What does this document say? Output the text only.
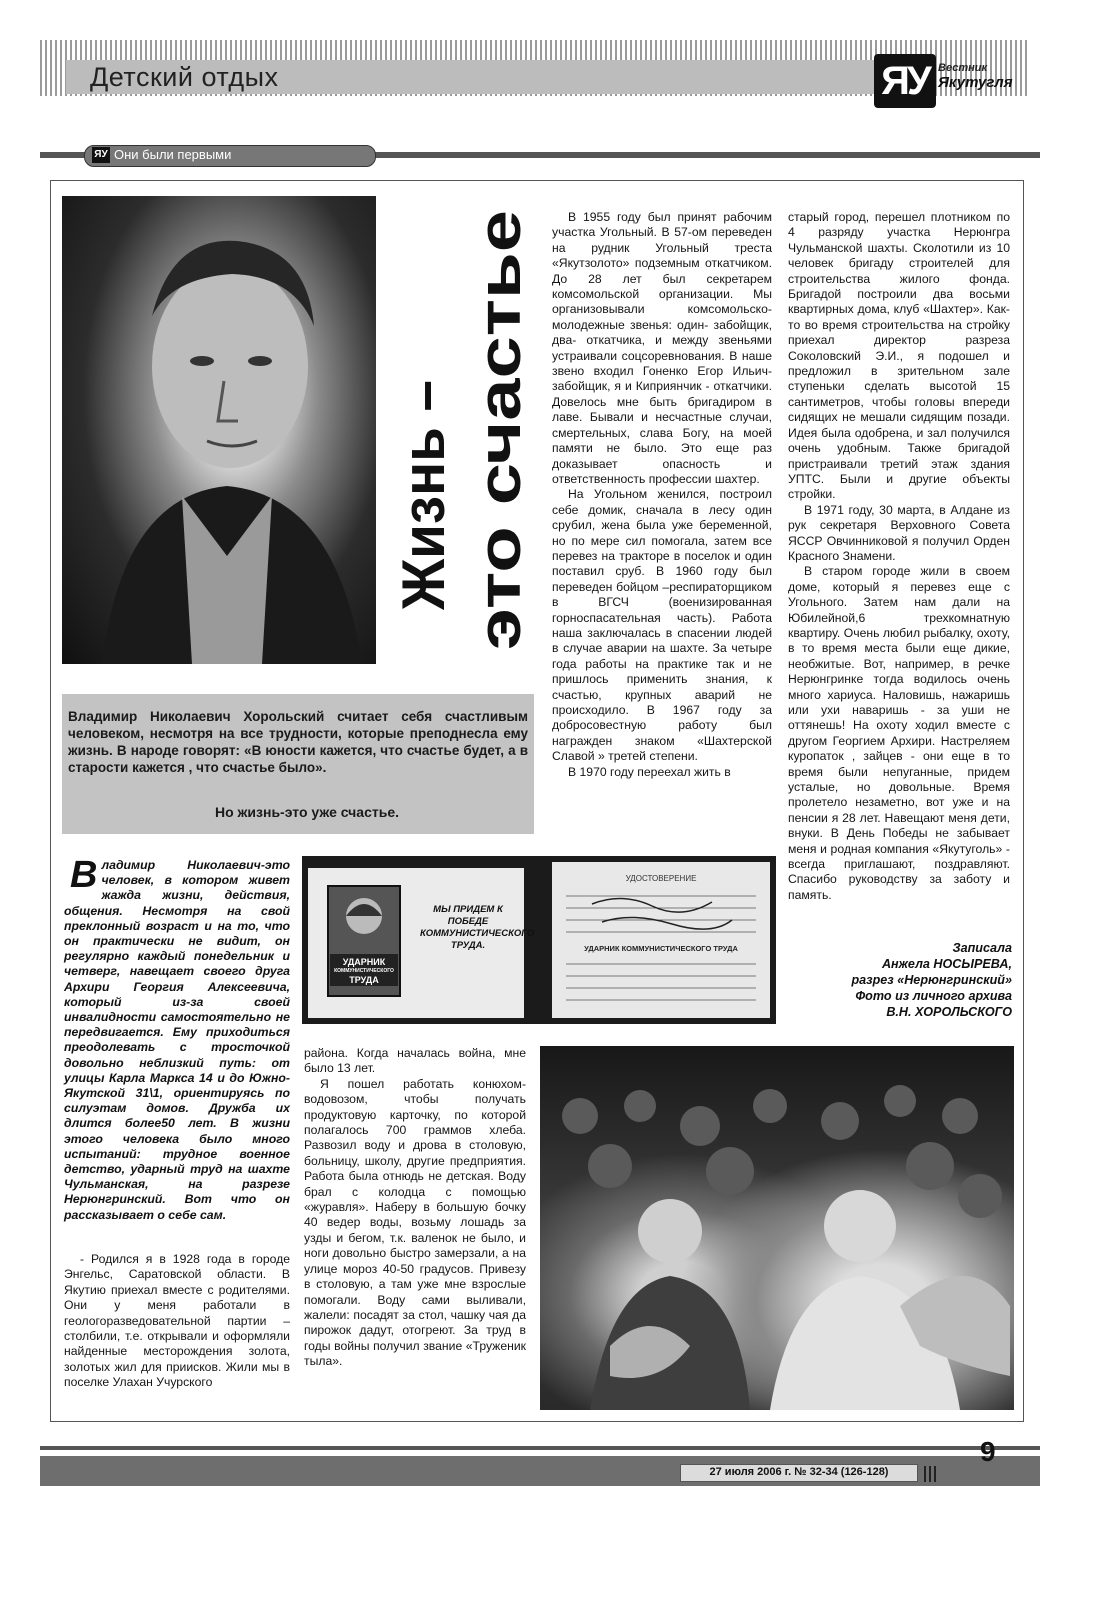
Детский отдых	ЯУ Вестник
Якутугля
ЯУ Они были первыми
Жизнь – это счастье
Владимир Николаевич Хорольский считает себя счастливым человеком, несмотря на все трудности, которые преподнесла ему жизнь. В народе говорят: «В юности кажется, что счастье будет, а в старости кажется , что счастье было».
Но жизнь-это уже счастье.
Владимир Николаевич-это человек, в котором живет жажда жизни, действия, общения. Несмотря на свой преклонный возраст и на то, что он практически не видит, он регулярно каждый понедельник и четверг, навещает своего друга Архири Георгия Алексеевича, который из-за своей инвалидности самостоятельно не передвигается. Ему приходиться преодолевать с тросточкой довольно неблизкий путь: от улицы Карла Маркса 14 и до Южно- Якутской 31\1, ориентируясь по силуэтам домов. Дружба их длится более50 лет. В жизни этого человека было много испытаний: трудное военное детство, ударный труд на шахте Чульманская, на разрезе Нерюнгринский. Вот что он рассказывает о себе сам.

- Родился я в 1928 года в городе Энгельс, Саратовской области. В Якутию приехал вместе с родителями. Они у меня работали в геологоразведовательной партии –столбили, т.е. открывали и оформляли найденные месторождения золота, золотых жил для приисков. Жили мы в поселке Улахан Учурского

района. Когда началась война, мне было 13 лет.

Я пошел работать конюхом-водовозом, чтобы получать продуктовую карточку, по которой полагалось 700 граммов хлеба. Развозил воду и дрова в столовую, больницу, школу, другие предприятия. Работа была отнюдь не детская. Воду брал с колодца с помощью «журавля». Наберу в большую бочку 40 ведер воды, возьму лошадь за узды и бегом, т.к. валенок не было, и ноги довольно быстро замерзали, а на улице мороз 40-50 градусов. Привезу в столовую, а там уже мне взрослые помогали. Воду сами выливали, жалели: посадят за стол, чашку чая да пирожок дадут, отогреют. За труд в годы войны получил звание «Труженик тыла».

В 1955 году был принят рабочим участка Угольный. В 57-ом переведен на рудник Угольный треста «Якутзолото» подземным откатчиком. До 28 лет был секретарем комсомольской организации. Мы организовывали комсомольско-молодежные звенья: один- забойщик, два- откатчика, и между звеньями устраивали соцсоревнования. В наше звено входил Гоненко Егор Ильич-забойщик, я и Киприянчик - откатчики. Довелось мне быть бригадиром в лаве. Бывали и несчастные случаи, смертельных, слава Богу, на моей памяти не было. Это еще раз доказывает опасность и ответственность профессии шахтер.

На Угольном женился, построил себе домик, сначала в лесу один срубил, жена была уже беременной, но по мере сил помогала, затем все перевез на тракторе в поселок и один поставил сруб. В 1960 году был переведен бойцом –респираторщиком в ВГСЧ (военизированная горноспасательная часть). Работа наша заключалась в спасении людей в случае аварии на шахте. За четыре года работы на практике так и не пришлось применить знания, к счастью, крупных аварий не происходило. В 1967 году за добросовестную работу был награжден знаком «Шахтерской Славой » третей степени.

В 1970 году переехал жить в

старый город, перешел плотником по 4 разряду участка Нерюнгра Чульманской шахты. Сколотили из 10 человек бригаду строителей для строительства жилого фонда. Бригадой построили два восьми квартирных дома, клуб «Шахтер». Как-то во время строительства на стройку приехал директор разреза Соколовский Э.И., я подошел и предложил в зрительном зале ступеньки сделать высотой 15 сантиметров, чтобы головы впереди сидящих не мешали сидящим позади. Идея была одобрена, и зал получился очень удобным. Также бригадой пристраивали третий этаж здания УПТС. Были и другие объекты стройки.

В 1971 году, 30 марта, в Алдане из рук секретаря Верховного Совета ЯССР Овчинниковой я получил Орден Красного Знамени.

В старом городе жили в своем доме, который я перевез еще с Угольного. Затем нам дали на Юбилейной,6 трехкомнатную квартиру. Очень любил рыбалку, охоту, в то время места были еще дикие, необжитые. Вот, например, в речке Нерюнгринке тогда водилось очень много хариуса. Наловишь, нажаришь или ухи наваришь - за уши не оттянешь! На охоту ходил вместе с другом Георгием Архири. Настреляем куропаток , зайцев - они еще в то время были непуганные, придем усталые, но довольные. Время пролетело незаметно, вот уже и на пенсии я 28 лет. Навещают меня дети, внуки. В День Победы не забывает меня и родная компания «Якутуголь» - всегда приглашают, поздравляют. Спасибо руководству за заботу и память.

Записала
Анжела НОСЫРЕВА,
разрез «Нерюнгринский»
Фото из личного архива
В.Н. ХОРОЛЬСКОГО
УДАРНИК
КОММУНИСТИЧЕСКОГО
ТРУДА
МЫ ПРИДЕМ К ПОБЕДЕ КОММУНИСТИЧЕСКОГО ТРУДА.
УДОСТОВЕРЕНИЕ
УДАРНИК КОММУНИСТИЧЕСКОГО ТРУДА
27 июля 2006 г. № 32-34 (126-128)
9
